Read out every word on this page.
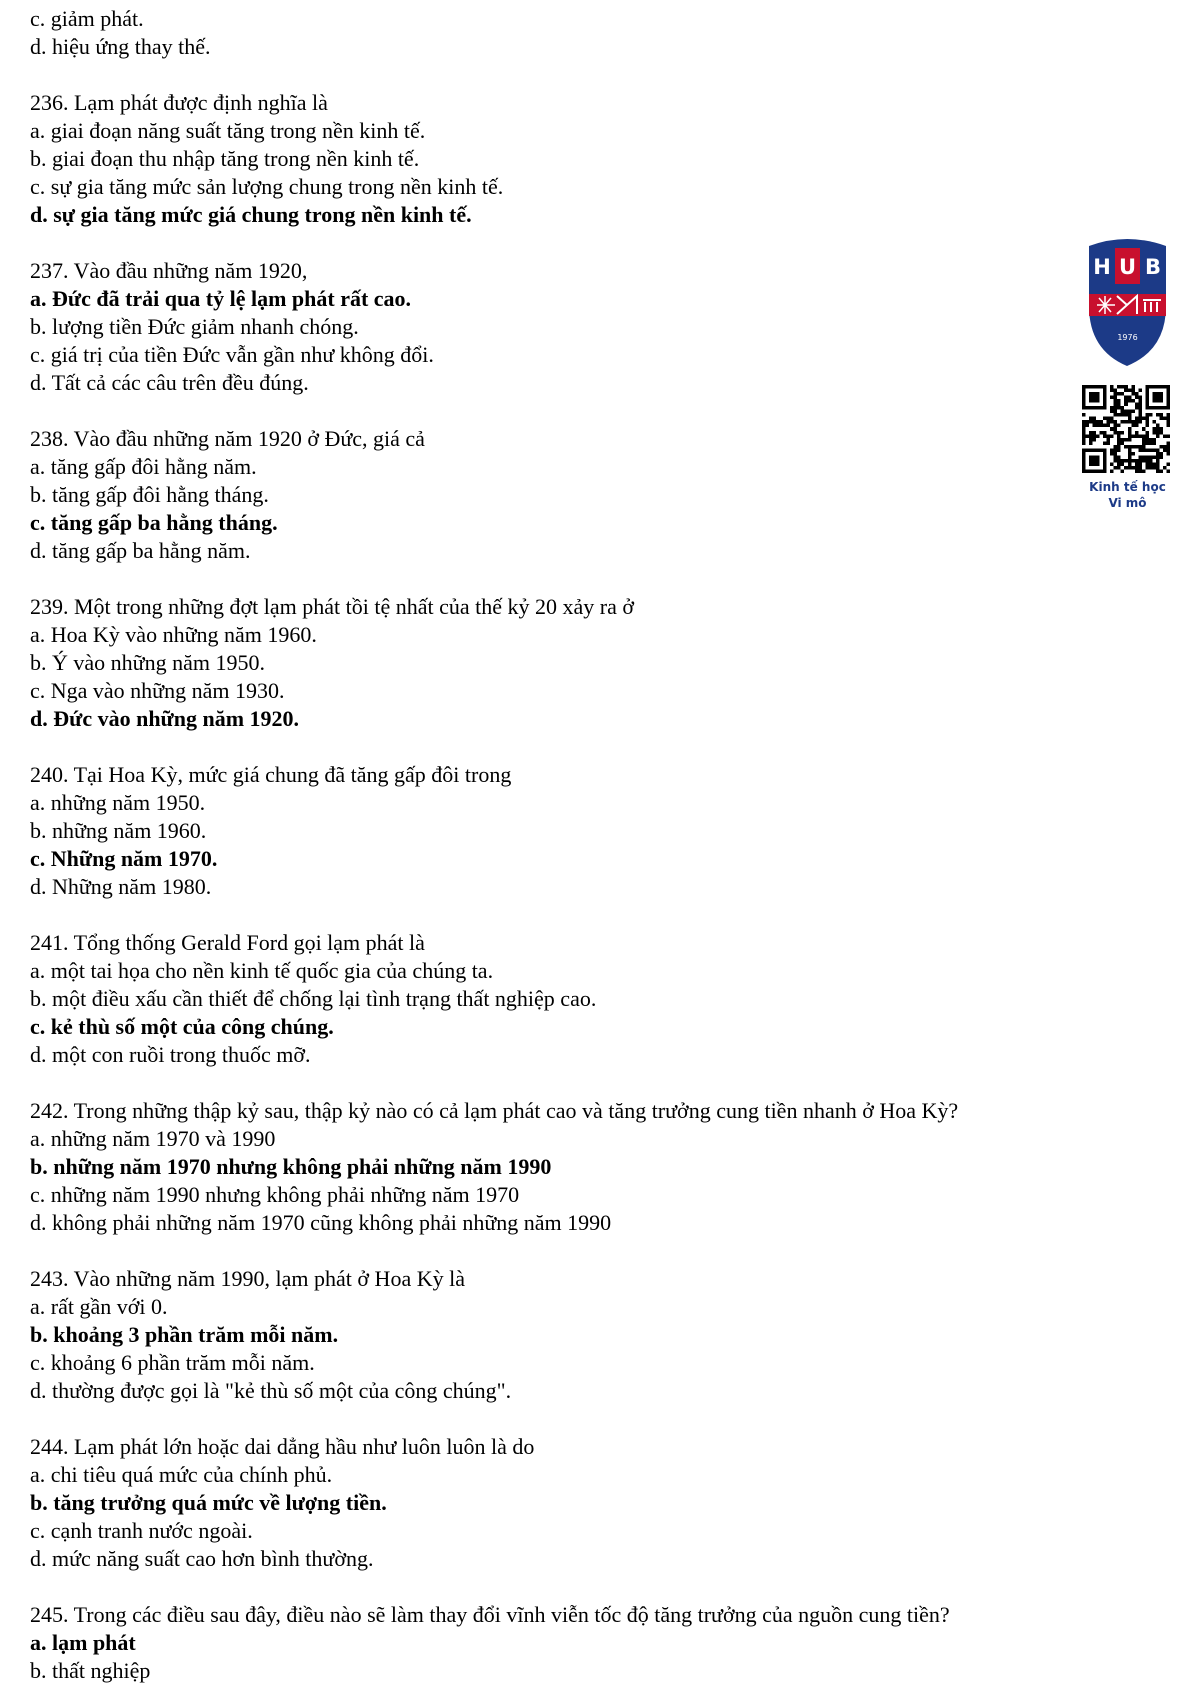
c. giảm phát.
d. hiệu ứng thay thế.
236. Lạm phát được định nghĩa là
a. giai đoạn năng suất tăng trong nền kinh tế.
b. giai đoạn thu nhập tăng trong nền kinh tế.
c. sự gia tăng mức sản lượng chung trong nền kinh tế.
d. sự gia tăng mức giá chung trong nền kinh tế.
237. Vào đầu những năm 1920,
a. Đức đã trải qua tỷ lệ lạm phát rất cao.
b. lượng tiền Đức giảm nhanh chóng.
c. giá trị của tiền Đức vẫn gần như không đổi.
d. Tất cả các câu trên đều đúng.
238. Vào đầu những năm 1920 ở Đức, giá cả
a. tăng gấp đôi hằng năm.
b. tăng gấp đôi hằng tháng.
c. tăng gấp ba hằng tháng.
d. tăng gấp ba hằng năm.
239. Một trong những đợt lạm phát tồi tệ nhất của thế kỷ 20 xảy ra ở
a. Hoa Kỳ vào những năm 1960.
b. Ý vào những năm 1950.
c. Nga vào những năm 1930.
d. Đức vào những năm 1920.
240. Tại Hoa Kỳ, mức giá chung đã tăng gấp đôi trong
a. những năm 1950.
b. những năm 1960.
c. Những năm 1970.
d. Những năm 1980.
241. Tổng thống Gerald Ford gọi lạm phát là
a. một tai họa cho nền kinh tế quốc gia của chúng ta.
b. một điều xấu cần thiết để chống lại tình trạng thất nghiệp cao.
c. kẻ thù số một của công chúng.
d. một con ruồi trong thuốc mỡ.
242. Trong những thập kỷ sau, thập kỷ nào có cả lạm phát cao và tăng trưởng cung tiền nhanh ở Hoa Kỳ?
a. những năm 1970 và 1990
b. những năm 1970 nhưng không phải những năm 1990
c. những năm 1990 nhưng không phải những năm 1970
d. không phải những năm 1970 cũng không phải những năm 1990
243. Vào những năm 1990, lạm phát ở Hoa Kỳ là
a. rất gần với 0.
b. khoảng 3 phần trăm mỗi năm.
c. khoảng 6 phần trăm mỗi năm.
d. thường được gọi là "kẻ thù số một của công chúng".
244. Lạm phát lớn hoặc dai dẳng hầu như luôn luôn là do
a. chi tiêu quá mức của chính phủ.
b. tăng trưởng quá mức về lượng tiền.
c. cạnh tranh nước ngoài.
d. mức năng suất cao hơn bình thường.
245. Trong các điều sau đây, điều nào sẽ làm thay đổi vĩnh viễn tốc độ tăng trưởng của nguồn cung tiền?
a. lạm phát
b. thất nghiệp
H U B
1976
Kinh tế học
Vi mô
